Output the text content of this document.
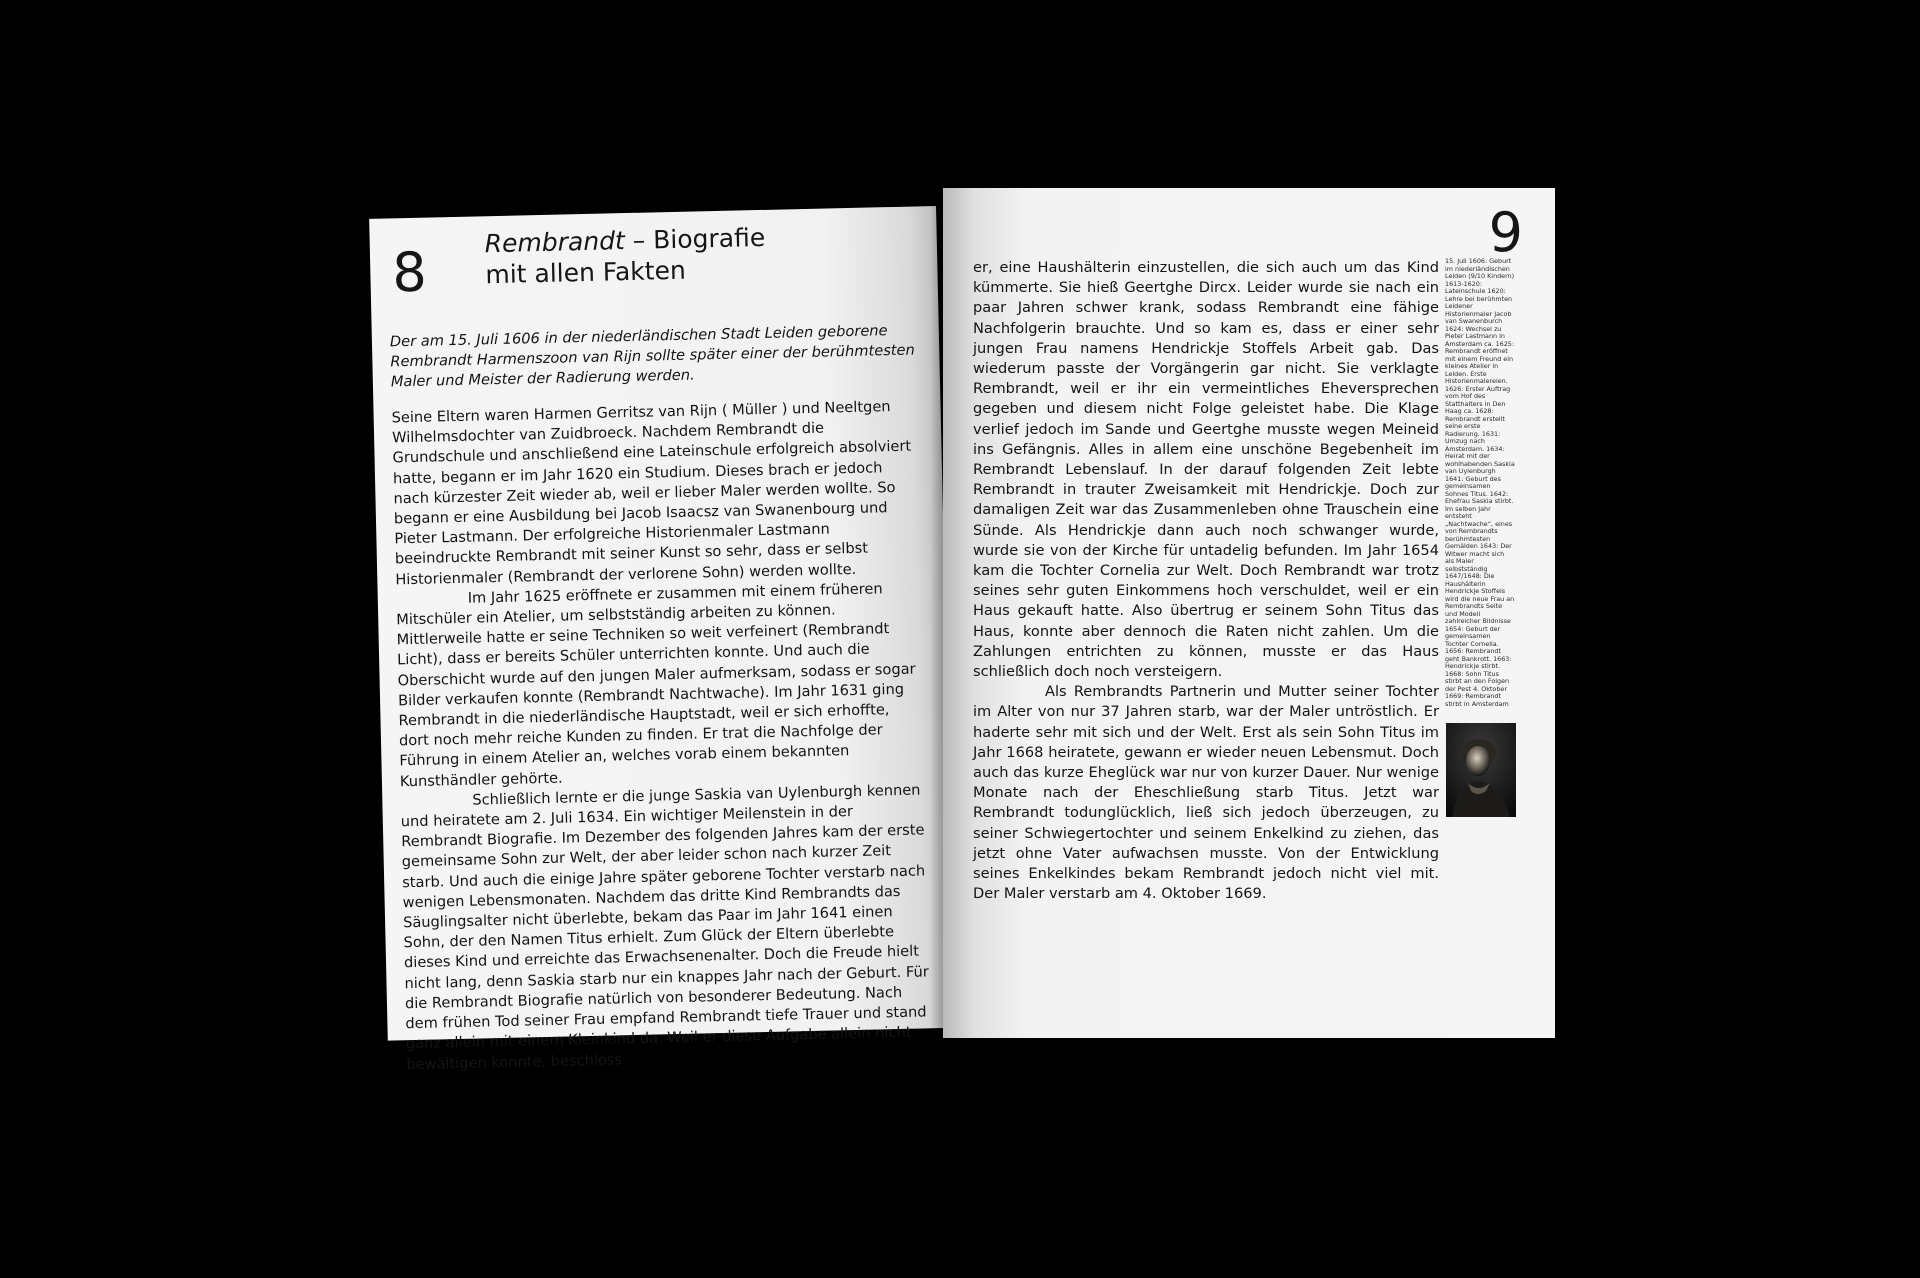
8 Rembrandt – Biografie
mit allen Fakten
Der am 15. Juli 1606 in der niederländischen Stadt Leiden geborene Rembrandt Harmenszoon van Rijn sollte später einer der berühmtesten Maler und Meister der Radierung werden.

Seine Eltern waren Harmen Gerritsz van Rijn ( Müller ) und Neeltgen Wilhelmsdochter van Zuidbroeck. Nachdem Rembrandt die Grundschule und anschließend eine Lateinschule erfolgreich absolviert hatte, begann er im Jahr 1620 ein Studium. Dieses brach er jedoch nach kürzester Zeit wieder ab, weil er lieber Maler werden wollte. So begann er eine Ausbildung bei Jacob Isaacsz van Swanenbourg und Pieter Lastmann. Der erfolgreiche Historienmaler Lastmann beeindruckte Rembrandt mit seiner Kunst so sehr, dass er selbst Historienmaler (Rembrandt der verlorene Sohn) werden wollte.

Im Jahr 1625 eröffnete er zusammen mit einem früheren Mitschüler ein Atelier, um selbstständig arbeiten zu können. Mittlerweile hatte er seine Techniken so weit verfeinert (Rembrandt Licht), dass er bereits Schüler unterrichten konnte. Und auch die Oberschicht wurde auf den jungen Maler aufmerksam, sodass er sogar Bilder verkaufen konnte (Rembrandt Nachtwache). Im Jahr 1631 ging Rembrandt in die niederländische Hauptstadt, weil er sich erhoffte, dort noch mehr reiche Kunden zu finden. Er trat die Nachfolge der Führung in einem Atelier an, welches vorab einem bekannten Kunsthändler gehörte.

Schließlich lernte er die junge Saskia van Uylenburgh kennen und heiratete am 2. Juli 1634. Ein wichtiger Meilenstein in der Rembrandt Biografie. Im Dezember des folgenden Jahres kam der erste gemeinsame Sohn zur Welt, der aber leider schon nach kurzer Zeit starb. Und auch die einige Jahre später geborene Tochter verstarb nach wenigen Lebensmonaten. Nachdem das dritte Kind Rembrandts das Säuglingsalter nicht überlebte, bekam das Paar im Jahr 1641 einen Sohn, der den Namen Titus erhielt. Zum Glück der Eltern überlebte dieses Kind und erreichte das Erwachsenenalter. Doch die Freude hielt nicht lang, denn Saskia starb nur ein knappes Jahr nach der Geburt. Für die Rembrandt Biografie natürlich von besonderer Bedeutung. Nach dem frühen Tod seiner Frau empfand Rembrandt tiefe Trauer und stand ganz allein mit einem Kleinkind da. Weil er diese Aufgabe allein nicht bewältigen konnte, beschloss

9

er, eine Haushälterin einzustellen, die sich auch um das Kind kümmerte. Sie hieß Geertghe Dircx. Leider wurde sie nach ein paar Jahren schwer krank, sodass Rembrandt eine fähige Nachfolgerin brauchte. Und so kam es, dass er einer sehr jungen Frau namens Hendrickje Stoffels Arbeit gab. Das wiederum passte der Vorgängerin gar nicht. Sie verklagte Rembrandt, weil er ihr ein vermeintliches Eheversprechen gegeben und diesem nicht Folge geleistet habe. Die Klage verlief jedoch im Sande und Geertghe musste wegen Meineid ins Gefängnis. Alles in allem eine unschöne Begebenheit im Rembrandt Lebenslauf. In der darauf folgenden Zeit lebte Rembrandt in trauter Zweisamkeit mit Hendrickje. Doch zur damaligen Zeit war das Zusammenleben ohne Trauschein eine Sünde. Als Hendrickje dann auch noch schwanger wurde, wurde sie von der Kirche für untadelig befunden. Im Jahr 1654 kam die Tochter Cornelia zur Welt. Doch Rembrandt war trotz seines sehr guten Einkommens hoch verschuldet, weil er ein Haus gekauft hatte. Also übertrug er seinem Sohn Titus das Haus, konnte aber dennoch die Raten nicht zahlen. Um die Zahlungen entrichten zu können, musste er das Haus schließlich doch noch versteigern.

Als Rembrandts Partnerin und Mutter seiner Tochter im Alter von nur 37 Jahren starb, war der Maler untröstlich. Er haderte sehr mit sich und der Welt. Erst als sein Sohn Titus im Jahr 1668 heiratete, gewann er wieder neuen Lebensmut. Doch auch das kurze Eheglück war nur von kurzer Dauer. Nur wenige Monate nach der Eheschließung starb Titus. Jetzt war Rembrandt todunglücklich, ließ sich jedoch überzeugen, zu seiner Schwiegertochter und seinem Enkelkind zu ziehen, das jetzt ohne Vater aufwachsen musste. Von der Entwicklung seines Enkelkindes bekam Rembrandt jedoch nicht viel mit. Der Maler verstarb am 4. Oktober 1669.

15. Juli 1606: Geburt im niederländischen Leiden (9/10 Kindern) 1613-1620: Lateinschule 1620: Lehre bei berühmten Leidener Historienmaler Jacob van Swanenburch 1624: Wechsel zu Pieter Lastmann in Amsterdam ca. 1625: Rembrandt eröffnet mit einem Freund ein kleines Atelier in Leiden. Erste Historienmalereien. 1626: Erster Auftrag vom Hof des Statthalters in Den Haag ca. 1628: Rembrandt erstellt seine erste Radierung. 1631: Umzug nach Amsterdam. 1634: Heirat mit der wohlhabenden Saskia van Uylenburgh 1641: Geburt des gemeinsamen Sohnes Titus. 1642: Ehefrau Saskia stirbt. Im selben Jahr entsteht „Nachtwache“, eines von Rembrandts berühmtesten Gemälden 1643: Der Witwer macht sich als Maler selbstständig 1647/1648: Die Haushälterin Hendrickje Stoffels wird die neue Frau an Rembrandts Seite und Modell zahlreicher Bildnisse 1654: Geburt der gemeinsamen Tochter Cornelia. 1656: Rembrandt geht Bankrott. 1663: Hendrickje stirbt. 1668: Sohn Titus stirbt an den Folgen der Pest 4. Oktober 1669: Rembrandt stirbt in Amsterdam
